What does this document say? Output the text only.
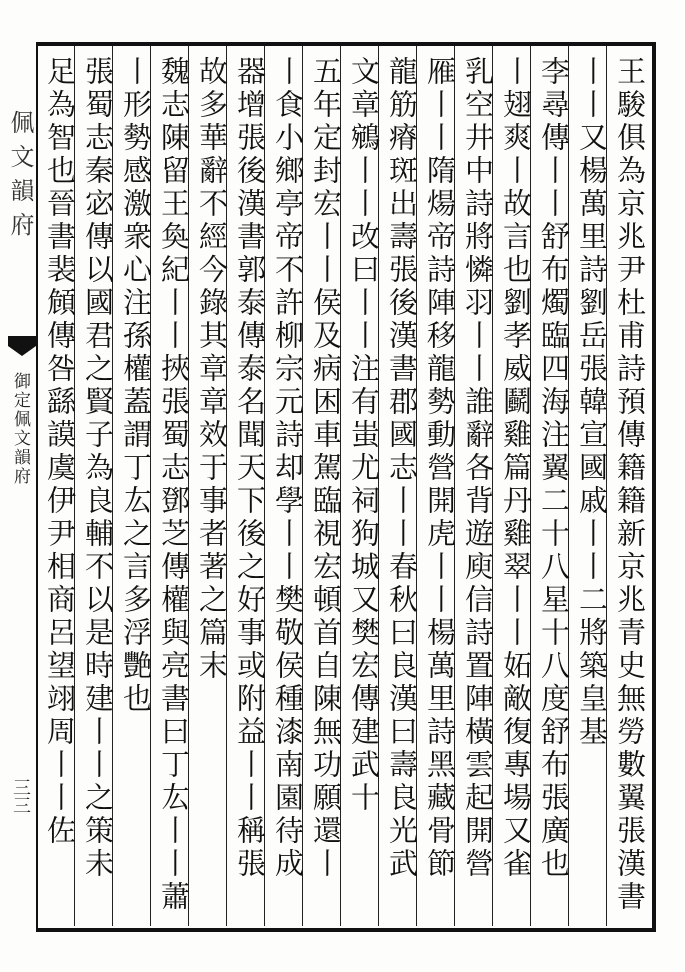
佩文韻府
御定佩文韻府
三三	王駿俱為京兆尹杜甫詩預傳籍籍新京兆青史無勞數翼張漢書
丨丨又楊萬里詩劉岳張韓宣國戚丨丨二將築皇基
李尋傳丨丨舒布燭臨四海注翼二十八星十八度舒布張廣也
丨翅爽丨故言也劉孝威鬬雞篇丹雞翠丨丨妬敵復專場又雀
乳空井中詩將憐羽丨丨誰辭各背遊庾信詩置陣橫雲起開營
雁丨丨隋煬帝詩陣移龍勢動營開虎丨丨楊萬里詩黑藏骨節
龍筋瘠斑出壽張後漢書郡國志丨丨春秋曰良漢曰壽良光武
文章鵷丨丨改曰丨丨注有蚩尤祠狗城又樊宏傳建武十
五年定封宏丨丨侯及病困車駕臨視宏頓首自陳無功願還丨
丨食小鄉亭帝不許柳宗元詩却學丨丨樊敬侯種漆南園待成
器增張後漢書郭泰傳泰名聞天下後之好事或附益丨丨稱張
故多華辭不經今錄其章章效于事者著之篇末
魏志陳留王奐紀丨丨挾張蜀志鄧芝傳權與亮書曰丁厷丨丨蕭
丨形勢感激衆心注孫權蓋謂丁厷之言多浮艷也
張蜀志秦宓傳以國君之賢子為良輔不以是時建丨丨之策未
足為智也晉書裴頠傳咎繇謨虞伊尹相商呂望翊周丨丨佐
